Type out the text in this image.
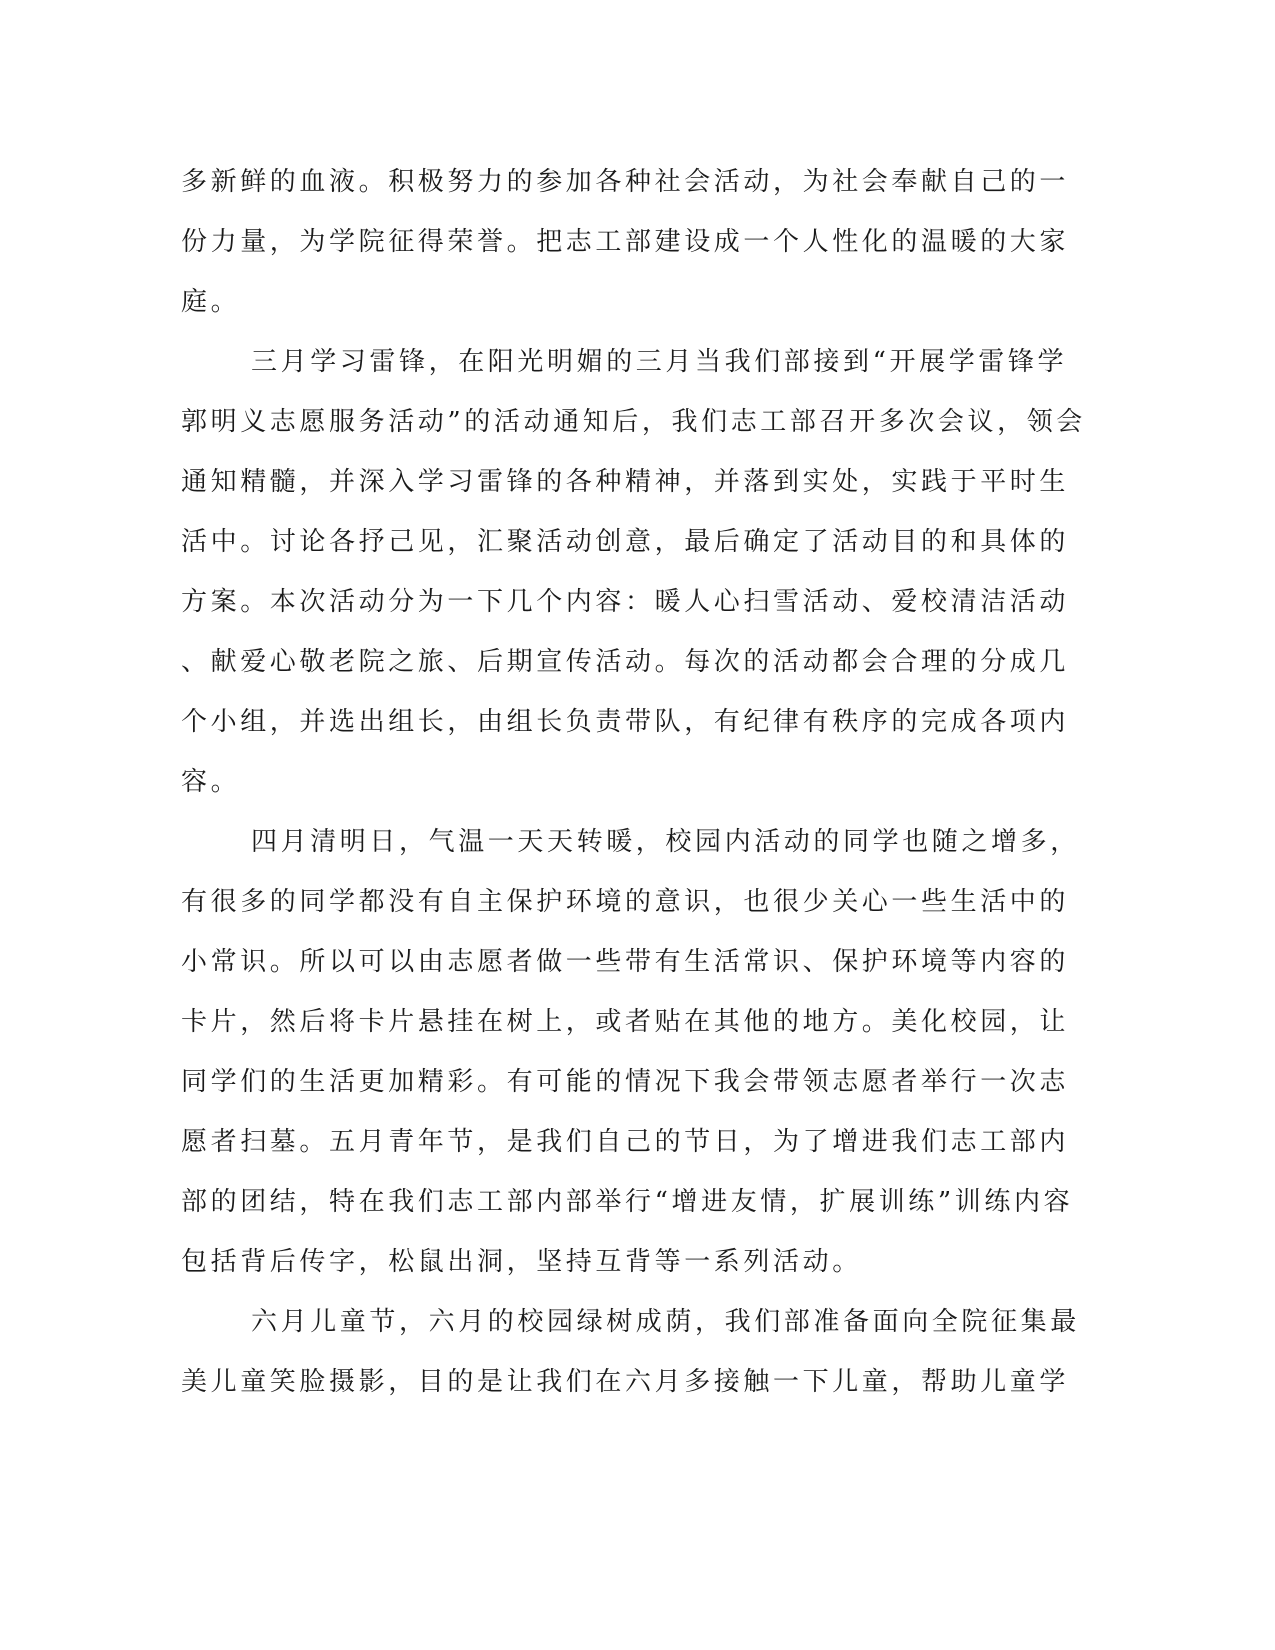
多新鲜的血液。积极努力的参加各种社会活动，为社会奉献自己的一
份力量，为学院征得荣誉。把志工部建设成一个人性化的温暖的大家
庭。
三月学习雷锋，在阳光明媚的三月当我们部接到“开展学雷锋学
郭明义志愿服务活动”的活动通知后，我们志工部召开多次会议，领会
通知精髓，并深入学习雷锋的各种精神，并落到实处，实践于平时生
活中。讨论各抒己见，汇聚活动创意，最后确定了活动目的和具体的
方案。本次活动分为一下几个内容：暖人心扫雪活动、爱校清洁活动
、献爱心敬老院之旅、后期宣传活动。每次的活动都会合理的分成几
个小组，并选出组长，由组长负责带队，有纪律有秩序的完成各项内
容。
四月清明日，气温一天天转暖，校园内活动的同学也随之增多，
有很多的同学都没有自主保护环境的意识，也很少关心一些生活中的
小常识。所以可以由志愿者做一些带有生活常识、保护环境等内容的
卡片，然后将卡片悬挂在树上，或者贴在其他的地方。美化校园，让
同学们的生活更加精彩。有可能的情况下我会带领志愿者举行一次志
愿者扫墓。五月青年节，是我们自己的节日，为了增进我们志工部内
部的团结，特在我们志工部内部举行“增进友情，扩展训练”训练内容
包括背后传字，松鼠出洞，坚持互背等一系列活动。
六月儿童节，六月的校园绿树成荫，我们部准备面向全院征集最
美儿童笑脸摄影，目的是让我们在六月多接触一下儿童，帮助儿童学
